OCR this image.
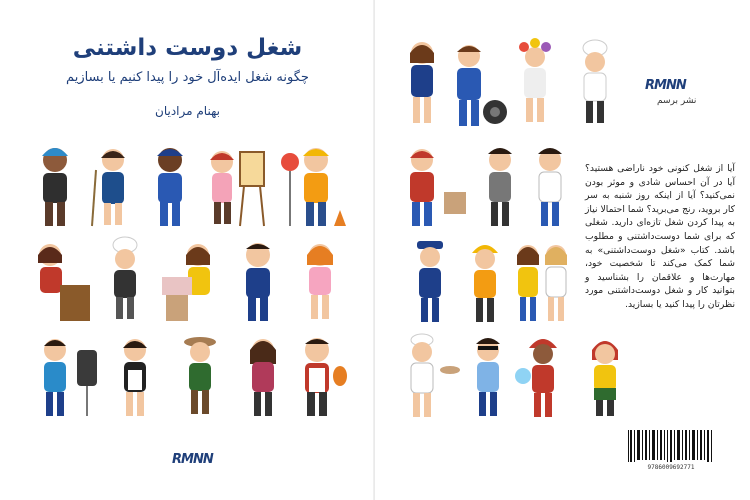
شغل دوست داشتنی
چگونه شغل ایده‌آل خود را پیدا کنیم یا بسازیم
بهنام مرادیان
RMNN
RMNN
نشر برسم
آیا از شغل کنونی خود ناراضی هستید؟ آیا در آن احساس شادی و موثر بودن نمی‌کنید؟ آیا از اینکه روز شنبه به سر کار بروید، رنج می‌برید؟ شما احتمالا نیاز به پیدا کردن شغل تازه‌ای دارید. شغلی که برای شما دوست‌داشتنی و مطلوب باشد. کتاب «شغل دوست‌داشتنی» به شما کمک می‌کند تا شخصیت خود، مهارت‌ها و علاقمان را بشناسید و بتوانید کار و شغل دوست‌داشتنی مورد نظرتان را پیدا کنید یا بسازید.
9786009692771
